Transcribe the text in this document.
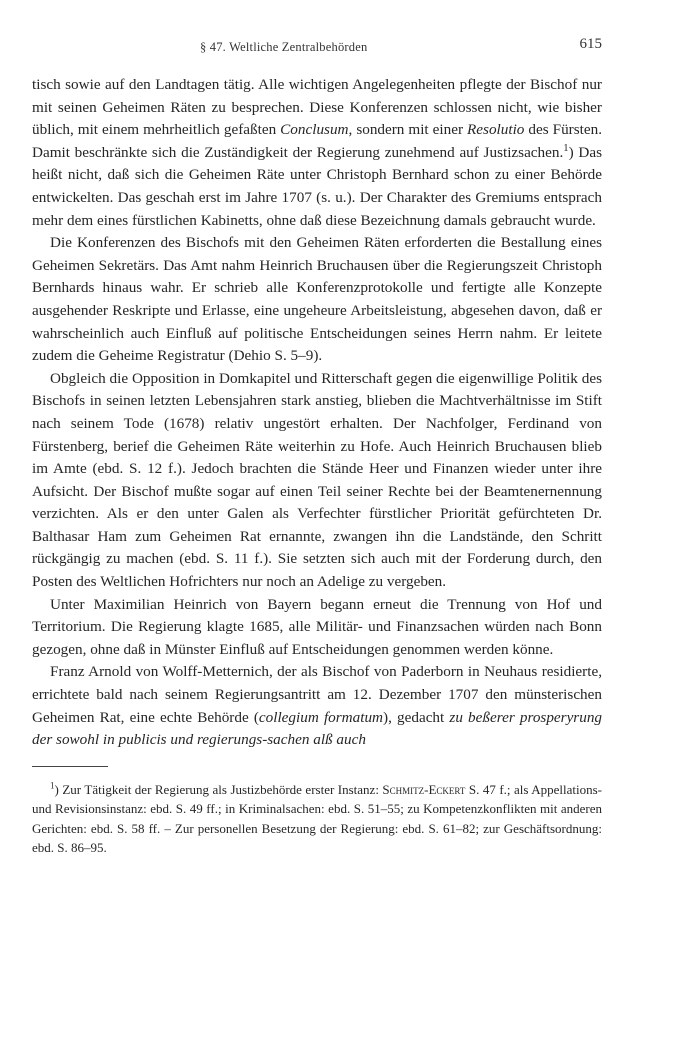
§ 47. Weltliche Zentralbehörden	615

tisch sowie auf den Landtagen tätig. Alle wichtigen Angelegenheiten pflegte der Bischof nur mit seinen Geheimen Räten zu besprechen. Diese Konferenzen schlossen nicht, wie bisher üblich, mit einem mehrheitlich gefaßten Conclusum, sondern mit einer Resolutio des Fürsten. Damit beschränkte sich die Zuständigkeit der Regierung zunehmend auf Justizsachen.$^1$) Das heißt nicht, daß sich die Geheimen Räte unter Christoph Bernhard schon zu einer Behörde entwickelten. Das geschah erst im Jahre 1707 (s. u.). Der Charakter des Gremiums entsprach mehr dem eines fürstlichen Kabinetts, ohne daß diese Bezeichnung damals gebraucht wurde.

Die Konferenzen des Bischofs mit den Geheimen Räten erforderten die Bestallung eines Geheimen Sekretärs. Das Amt nahm Heinrich Bruchausen über die Regierungszeit Christoph Bernhards hinaus wahr. Er schrieb alle Konferenzprotokolle und fertigte alle Konzepte ausgehender Reskripte und Erlasse, eine ungeheure Arbeitsleistung, abgesehen davon, daß er wahrscheinlich auch Einfluß auf politische Entscheidungen seines Herrn nahm. Er leitete zudem die Geheime Registratur (Dehio S. 5–9).

Obgleich die Opposition in Domkapitel und Ritterschaft gegen die eigenwillige Politik des Bischofs in seinen letzten Lebensjahren stark anstieg, blieben die Machtverhältnisse im Stift nach seinem Tode (1678) relativ ungestört erhalten. Der Nachfolger, Ferdinand von Fürstenberg, berief die Geheimen Räte weiterhin zu Hofe. Auch Heinrich Bruchausen blieb im Amte (ebd. S. 12 f.). Jedoch brachten die Stände Heer und Finanzen wieder unter ihre Aufsicht. Der Bischof mußte sogar auf einen Teil seiner Rechte bei der Beamtenernennung verzichten. Als er den unter Galen als Verfechter fürstlicher Priorität gefürchteten Dr. Balthasar Ham zum Geheimen Rat ernannte, zwangen ihn die Landstände, den Schritt rückgängig zu machen (ebd. S. 11 f.). Sie setzten sich auch mit der Forderung durch, den Posten des Weltlichen Hofrichters nur noch an Adelige zu vergeben.

Unter Maximilian Heinrich von Bayern begann erneut die Trennung von Hof und Territorium. Die Regierung klagte 1685, alle Militär- und Finanzsachen würden nach Bonn gezogen, ohne daß in Münster Einfluß auf Entscheidungen genommen werden könne.

Franz Arnold von Wolff-Metternich, der als Bischof von Paderborn in Neuhaus residierte, errichtete bald nach seinem Regierungsantritt am 12. Dezember 1707 den münsterischen Geheimen Rat, eine echte Behörde (collegium formatum), gedacht zu beßerer prosperyrung der sowohl in publicis und regierungs-sachen alß auch

$^1$) Zur Tätigkeit der Regierung als Justizbehörde erster Instanz: Schmitz-Eckert S. 47 f.; als Appellations- und Revisionsinstanz: ebd. S. 49 ff.; in Kriminalsachen: ebd. S. 51–55; zu Kompetenzkonflikten mit anderen Gerichten: ebd. S. 58 ff. – Zur personellen Besetzung der Regierung: ebd. S. 61–82; zur Geschäftsordnung: ebd. S. 86–95.
